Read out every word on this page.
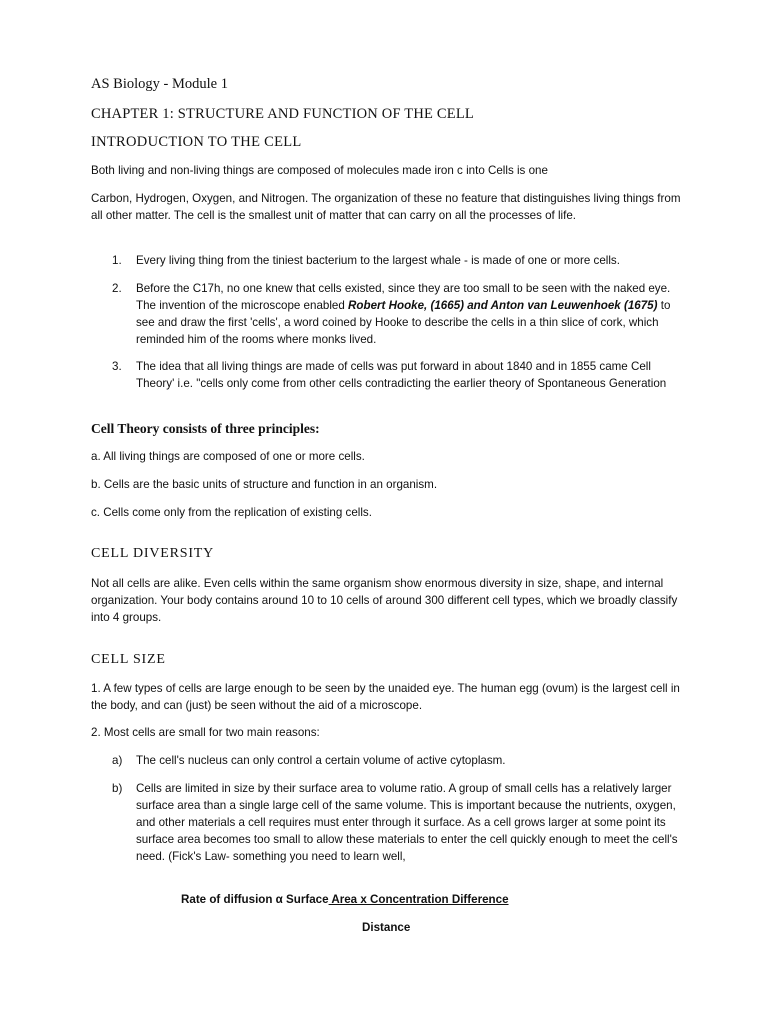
AS Biology - Module 1
CHAPTER 1: STRUCTURE AND FUNCTION OF THE CELL
INTRODUCTION TO THE CELL
Both living and non-living things are composed of molecules made iron c into Cells is one
Carbon, Hydrogen, Oxygen, and Nitrogen. The organization of these no feature that distinguishes living things from all other matter. The cell is the smallest unit of matter that can carry on all the processes of life.
1. Every living thing from the tiniest bacterium to the largest whale - is made of one or more cells.
2. Before the C17h, no one knew that cells existed, since they are too small to be seen with the naked eye. The invention of the microscope enabled Robert Hooke, (1665) and Anton van Leuwenhoek (1675) to see and draw the first 'cells', a word coined by Hooke to describe the cells in a thin slice of cork, which reminded him of the rooms where monks lived.
3. The idea that all living things are made of cells was put forward in about 1840 and in 1855 came Cell Theory' i.e. "cells only come from other cells contradicting the earlier theory of Spontaneous Generation
Cell Theory consists of three principles:
a. All living things are composed of one or more cells.
b. Cells are the basic units of structure and function in an organism.
c. Cells come only from the replication of existing cells.
CELL DIVERSITY
Not all cells are alike. Even cells within the same organism show enormous diversity in size, shape, and internal organization. Your body contains around 10 to 10 cells of around 300 different cell types, which we broadly classify into 4 groups.
CELL SIZE
1. A few types of cells are large enough to be seen by the unaided eye. The human egg (ovum) is the largest cell in the body, and can (just) be seen without the aid of a microscope.
2. Most cells are small for two main reasons:
a) The cell's nucleus can only control a certain volume of active cytoplasm.
b) Cells are limited in size by their surface area to volume ratio. A group of small cells has a relatively larger surface area than a single large cell of the same volume. This is important because the nutrients, oxygen, and other materials a cell requires must enter through it surface. As a cell grows larger at some point its surface area becomes too small to allow these materials to enter the cell quickly enough to meet the cell's need. (Fick's Law- something you need to learn well,
Rate of diffusion α Surface Area x Concentration Difference
Distance
